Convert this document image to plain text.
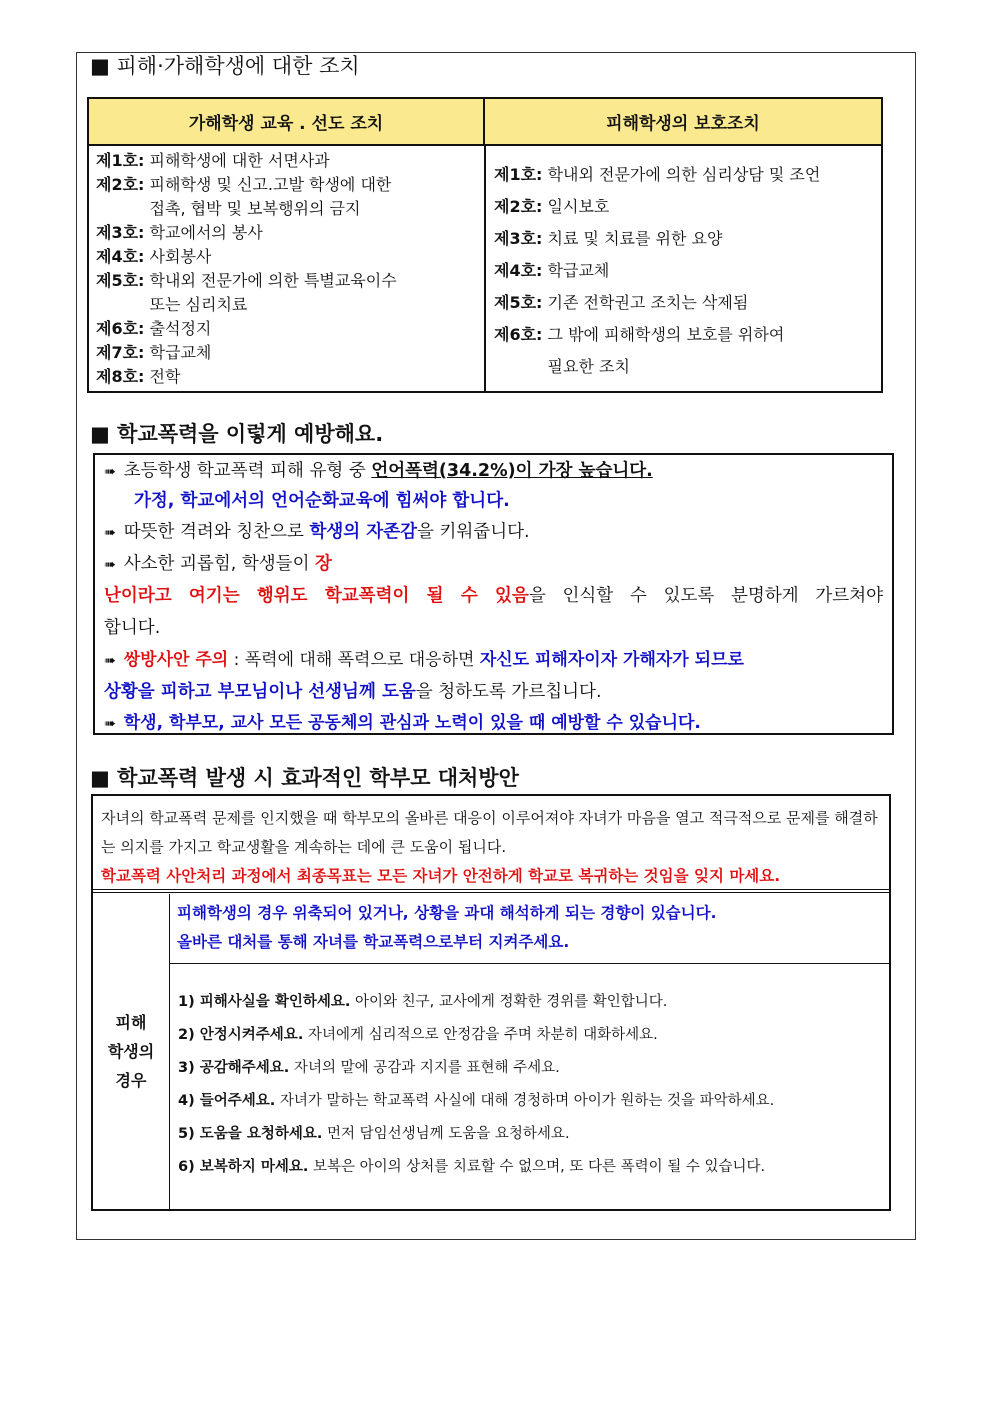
■ 피해·가해학생에 대한 조치
가해학생 교육 . 선도 조치	피해학생의 보호조치
제1호: 피해학생에 대한 서면사과
제2호: 피해학생 및 신고.고발 학생에 대한
접촉, 협박 및 보복행위의 금지
제3호: 학교에서의 봉사
제4호: 사회봉사
제5호: 학내외 전문가에 의한 특별교육이수
또는 심리치료
제6호: 출석정지
제7호: 학급교체
제8호: 전학
제1호: 학내외 전문가에 의한 심리상담 및 조언
제2호: 일시보호
제3호: 치료 및 치료를 위한 요양
제4호: 학급교체
제5호: 기존 전학권고 조치는 삭제됨
제6호: 그 밖에 피해학생의 보호를 위하여
필요한 조치
■ 학교폭력을 이렇게 예방해요.
➠ 초등학생 학교폭력 피해 유형 중 언어폭력(34.2%)이 가장 높습니다.
가정, 학교에서의 언어순화교육에 힘써야 합니다.
➠ 따뜻한 격려와 칭찬으로 학생의 자존감을 키워줍니다.
➠ 사소한 괴롭힘, 학생들이 장
난이라고 여기는 행위도 학교폭력이 될 수 있음을 인식할 수 있도록 분명하게 가르쳐야
합니다.
➠ 쌍방사안 주의 : 폭력에 대해 폭력으로 대응하면 자신도 피해자이자 가해자가 되므로
상황을 피하고 부모님이나 선생님께 도움을 청하도록 가르칩니다.
➠ 학생, 학부모, 교사 모든 공동체의 관심과 노력이 있을 때 예방할 수 있습니다.
■ 학교폭력 발생 시 효과적인 학부모 대처방안
자녀의 학교폭력 문제를 인지했을 때 학부모의 올바른 대응이 이루어져야 자녀가 마음을 열고 적극적으로 문제를 해결하는 의지를 가지고 학교생활을 계속하는 데에 큰 도움이 됩니다.
학교폭력 사안처리 과정에서 최종목표는 모든 자녀가 안전하게 학교로 복귀하는 것임을 잊지 마세요.
피해
학생의
경우
피해학생의 경우 위축되어 있거나, 상황을 과대 해석하게 되는 경향이 있습니다.
올바른 대처를 통해 자녀를 학교폭력으로부터 지켜주세요.
1) 피해사실을 확인하세요. 아이와 친구, 교사에게 정확한 경위를 확인합니다.
2) 안정시켜주세요. 자녀에게 심리적으로 안정감을 주며 차분히 대화하세요.
3) 공감해주세요. 자녀의 말에 공감과 지지를 표현해 주세요.
4) 들어주세요. 자녀가 말하는 학교폭력 사실에 대해 경청하며 아이가 원하는 것을 파악하세요.
5) 도움을 요청하세요. 먼저 담임선생님께 도움을 요청하세요.
6) 보복하지 마세요. 보복은 아이의 상처를 치료할 수 없으며, 또 다른 폭력이 될 수 있습니다.
